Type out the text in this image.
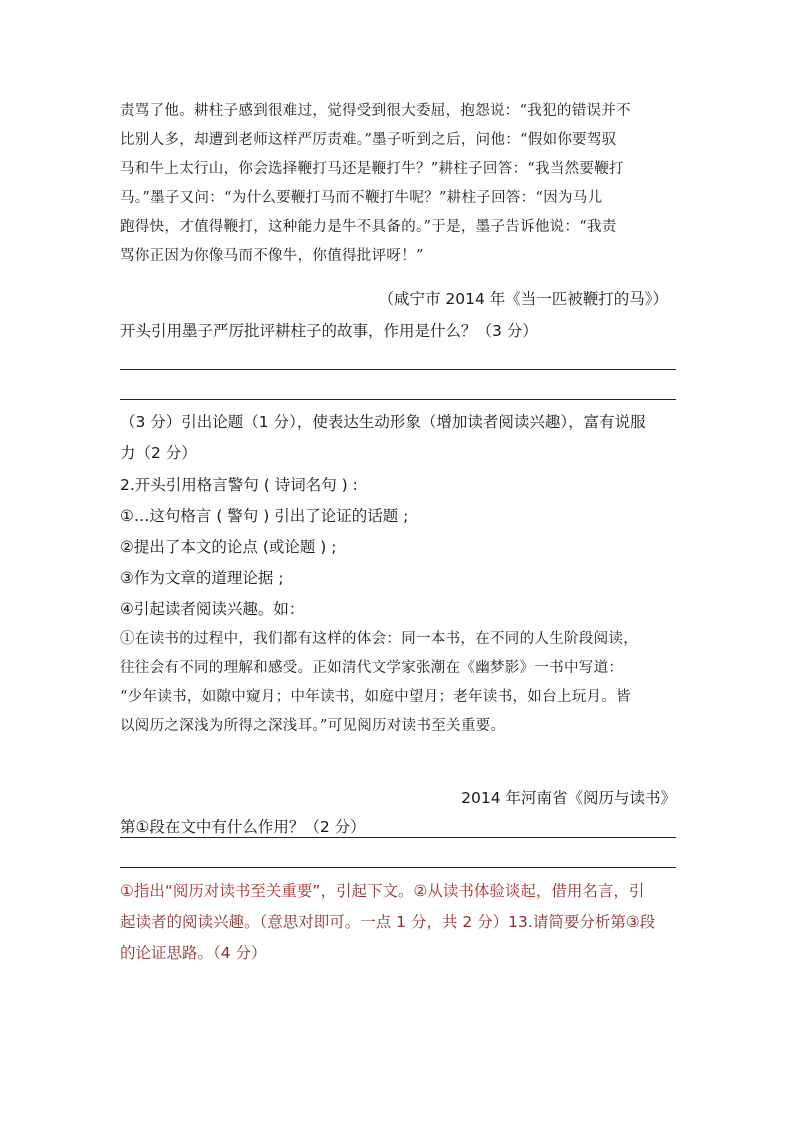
责骂了他。耕柱子感到很难过，觉得受到很大委屈，抱怨说：“我犯的错误并不
比别人多，却遭到老师这样严厉责难。”墨子听到之后，问他：“假如你要驾驭
马和牛上太行山，你会选择鞭打马还是鞭打牛？”耕柱子回答：“我当然要鞭打
马。”墨子又问：“为什么要鞭打马而不鞭打牛呢？”耕柱子回答：“因为马儿
跑得快，才值得鞭打，这种能力是牛不具备的。”于是，墨子告诉他说：“我责
骂你正因为你像马而不像牛，你值得批评呀！”
（咸宁市 2014 年《当一匹被鞭打的马》）
开头引用墨子严厉批评耕柱子的故事，作用是什么？（3 分）
（3 分）引出论题（1 分），使表达生动形象（增加读者阅读兴趣），富有说服
力（2 分）
2.开头引用格言警句 ( 诗词名句 ) :
①…这句格言 ( 警句 ) 引出了论证的话题 ;
②提出了本文的论点 (或论题 ) ;
③作为文章的道理论据 ;
④引起读者阅读兴趣。如：
①在读书的过程中，我们都有这样的体会：同一本书，在不同的人生阶段阅读，
往往会有不同的理解和感受。正如清代文学家张潮在《幽梦影》一书中写道：
“少年读书，如隙中窥月；中年读书，如庭中望月；老年读书，如台上玩月。皆
以阅历之深浅为所得之深浅耳。”可见阅历对读书至关重要。
2014 年河南省《阅历与读书》
第①段在文中有什么作用？（2 分）
①指出“阅历对读书至关重要”，引起下文。②从读书体验谈起，借用名言，引
起读者的阅读兴趣。（意思对即可。一点 1 分，共 2 分）13.请简要分析第③段
的论证思路。（4 分）
